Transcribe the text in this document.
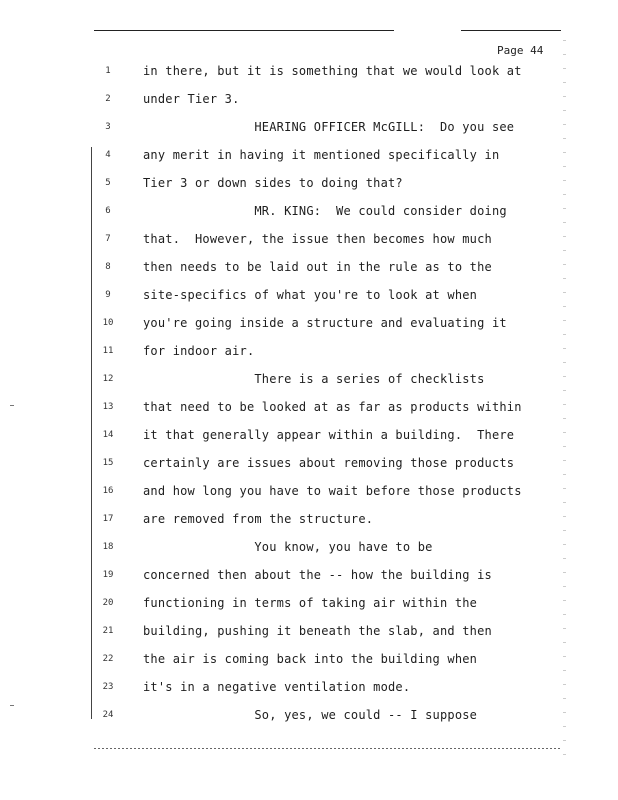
Page 44
1	in there, but it is something that we would look at
2	under Tier 3.
3	HEARING OFFICER McGILL:  Do you see
4	any merit in having it mentioned specifically in
5	Tier 3 or down sides to doing that?
6	MR. KING:  We could consider doing
7	that.  However, the issue then becomes how much
8	then needs to be laid out in the rule as to the
9	site-specifics of what you're to look at when
10	you're going inside a structure and evaluating it
11	for indoor air.
12	There is a series of checklists
13	that need to be looked at as far as products within
14	it that generally appear within a building.  There
15	certainly are issues about removing those products
16	and how long you have to wait before those products
17	are removed from the structure.
18	You know, you have to be
19	concerned then about the -- how the building is
20	functioning in terms of taking air within the
21	building, pushing it beneath the slab, and then
22	the air is coming back into the building when
23	it's in a negative ventilation mode.
24	So, yes, we could -- I suppose
